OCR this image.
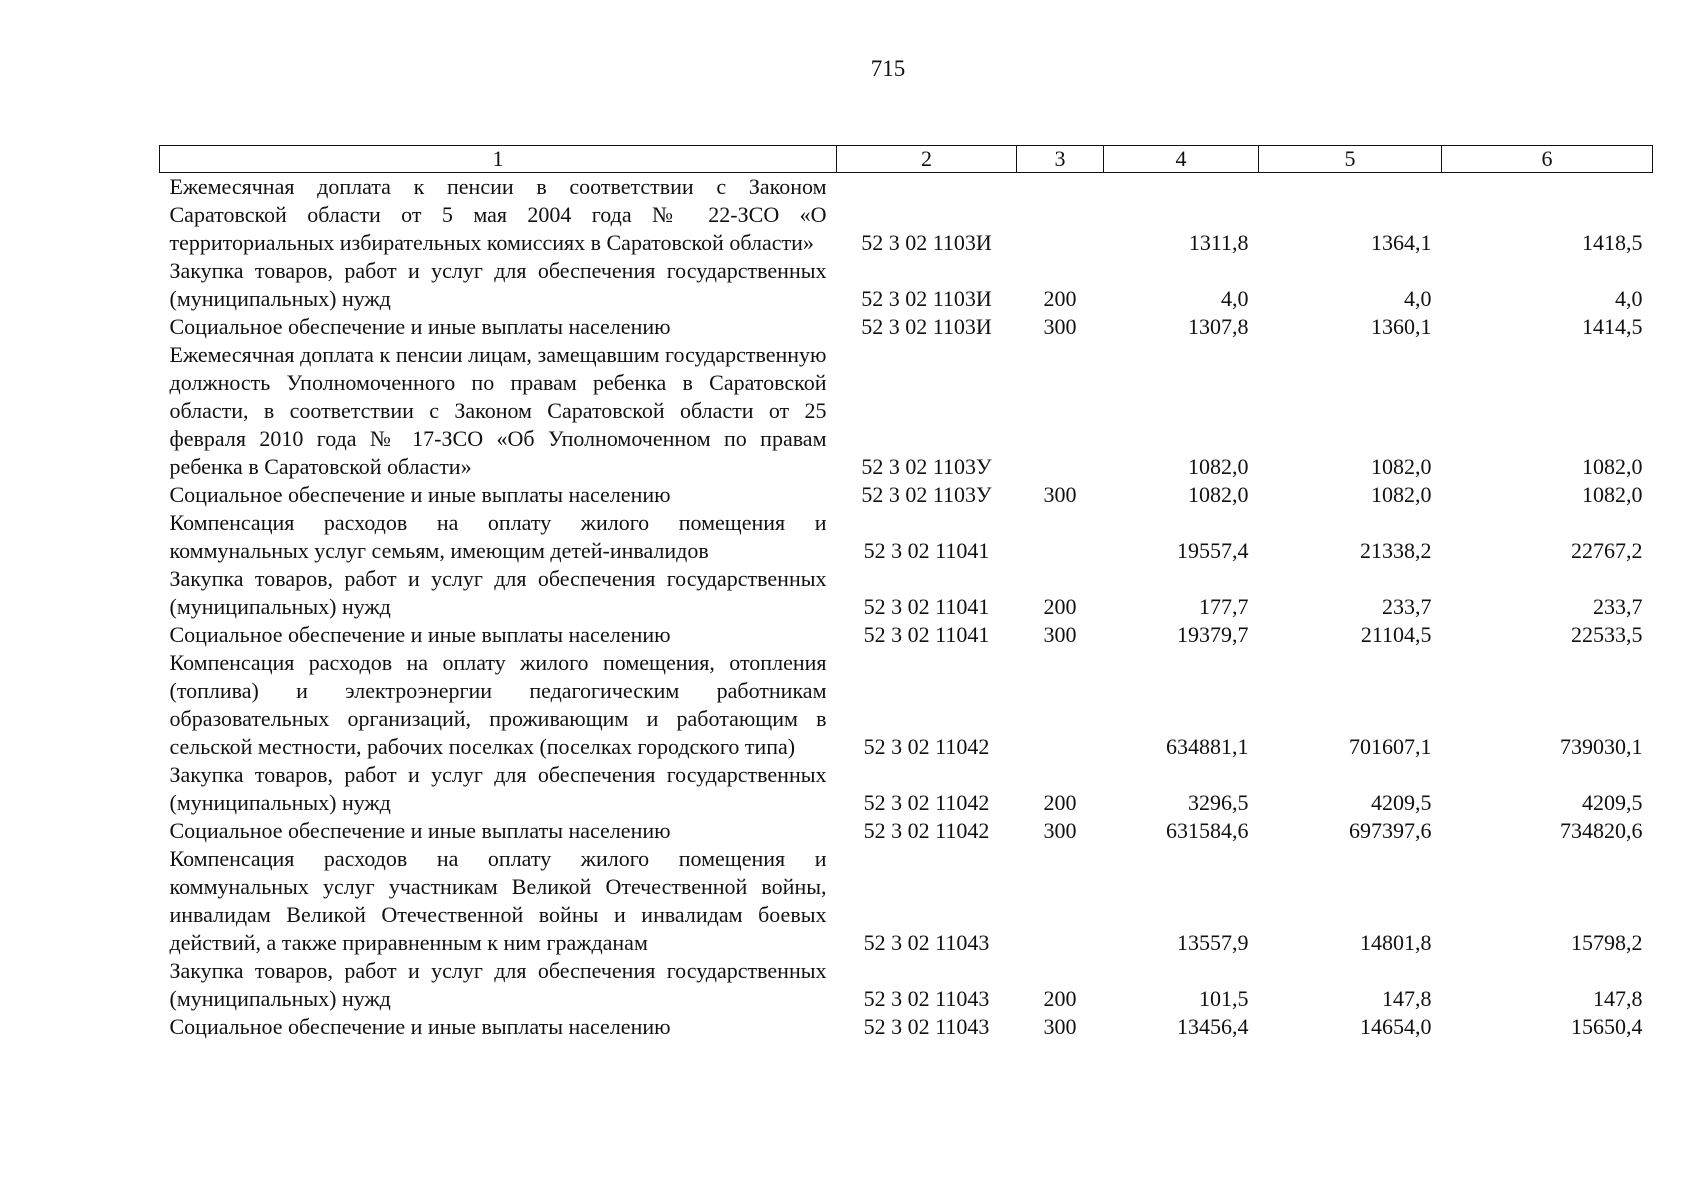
715
1	2	3	4	5	6
Ежемесячная доплата к пенсии в соответствии с Законом Саратовской области от 5 мая 2004 года № 22-ЗСО «О территориальных избирательных комиссиях в Саратовской области»	52 3 02 1103И		1311,8	1364,1	1418,5
Закупка товаров, работ и услуг для обеспечения государственных (муниципальных) нужд	52 3 02 1103И	200	4,0	4,0	4,0
Социальное обеспечение и иные выплаты населению	52 3 02 1103И	300	1307,8	1360,1	1414,5
Ежемесячная доплата к пенсии лицам, замещавшим государственную должность Уполномоченного по правам ребенка в Саратовской области, в соответствии с Законом Саратовской области от 25 февраля 2010 года № 17-ЗСО «Об Уполномоченном по правам ребенка в Саратовской области»	52 3 02 1103У		1082,0	1082,0	1082,0
Социальное обеспечение и иные выплаты населению	52 3 02 1103У	300	1082,0	1082,0	1082,0
Компенсация расходов на оплату жилого помещения и коммунальных услуг семьям, имеющим детей-инвалидов	52 3 02 11041		19557,4	21338,2	22767,2
Закупка товаров, работ и услуг для обеспечения государственных (муниципальных) нужд	52 3 02 11041	200	177,7	233,7	233,7
Социальное обеспечение и иные выплаты населению	52 3 02 11041	300	19379,7	21104,5	22533,5
Компенсация расходов на оплату жилого помещения, отопления (топлива) и электроэнергии педагогическим работникам образовательных организаций, проживающим и работающим в сельской местности, рабочих поселках (поселках городского типа)	52 3 02 11042		634881,1	701607,1	739030,1
Закупка товаров, работ и услуг для обеспечения государственных (муниципальных) нужд	52 3 02 11042	200	3296,5	4209,5	4209,5
Социальное обеспечение и иные выплаты населению	52 3 02 11042	300	631584,6	697397,6	734820,6
Компенсация расходов на оплату жилого помещения и коммунальных услуг участникам Великой Отечественной войны, инвалидам Великой Отечественной войны и инвалидам боевых действий, а также приравненным к ним гражданам	52 3 02 11043		13557,9	14801,8	15798,2
Закупка товаров, работ и услуг для обеспечения государственных (муниципальных) нужд	52 3 02 11043	200	101,5	147,8	147,8
Социальное обеспечение и иные выплаты населению	52 3 02 11043	300	13456,4	14654,0	15650,4
